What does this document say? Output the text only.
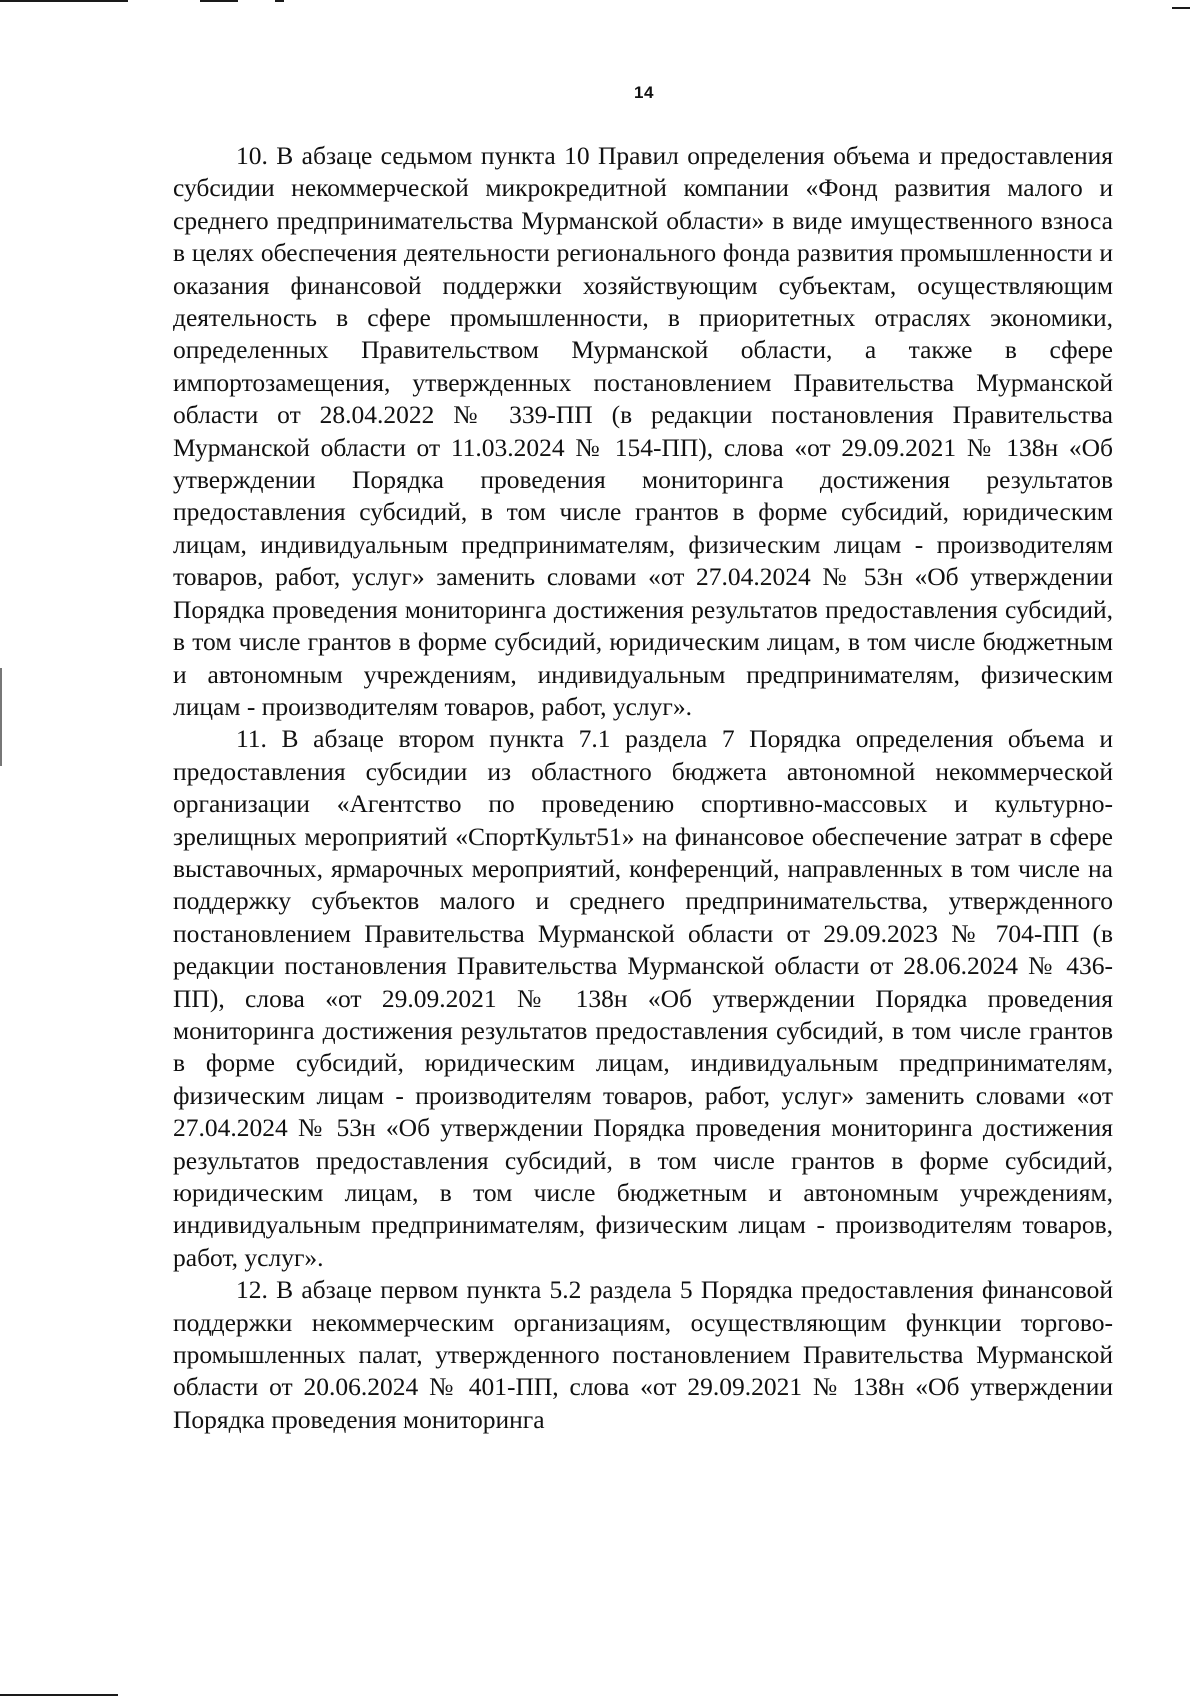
14

10. В абзаце седьмом пункта 10 Правил определения объема и предоставления субсидии некоммерческой микрокредитной компании «Фонд развития малого и среднего предпринимательства Мурманской области» в виде имущественного взноса в целях обеспечения деятельности регионального фонда развития промышленности и оказания финансовой поддержки хозяйствующим субъектам, осуществляющим деятельность в сфере промышленности, в приоритетных отраслях экономики, определенных Правительством Мурманской области, а также в сфере импортозамещения, утвержденных постановлением Правительства Мурманской области от 28.04.2022 № 339-ПП (в редакции постановления Правительства Мурманской области от 11.03.2024 № 154-ПП), слова «от 29.09.2021 № 138н «Об утверждении Порядка проведения мониторинга достижения результатов предоставления субсидий, в том числе грантов в форме субсидий, юридическим лицам, индивидуальным предпринимателям, физическим лицам - производителям товаров, работ, услуг» заменить словами «от 27.04.2024 № 53н «Об утверждении Порядка проведения мониторинга достижения результатов предоставления субсидий, в том числе грантов в форме субсидий, юридическим лицам, в том числе бюджетным и автономным учреждениям, индивидуальным предпринимателям, физическим лицам - производителям товаров, работ, услуг».

11. В абзаце втором пункта 7.1 раздела 7 Порядка определения объема и предоставления субсидии из областного бюджета автономной некоммерческой организации «Агентство по проведению спортивно-массовых и культурно-зрелищных мероприятий «СпортКульт51» на финансовое обеспечение затрат в сфере выставочных, ярмарочных мероприятий, конференций, направленных в том числе на поддержку субъектов малого и среднего предпринимательства, утвержденного постановлением Правительства Мурманской области от 29.09.2023 № 704-ПП (в редакции постановления Правительства Мурманской области от 28.06.2024 № 436-ПП), слова «от 29.09.2021 № 138н «Об утверждении Порядка проведения мониторинга достижения результатов предоставления субсидий, в том числе грантов в форме субсидий, юридическим лицам, индивидуальным предпринимателям, физическим лицам - производителям товаров, работ, услуг» заменить словами «от 27.04.2024 № 53н «Об утверждении Порядка проведения мониторинга достижения результатов предоставления субсидий, в том числе грантов в форме субсидий, юридическим лицам, в том числе бюджетным и автономным учреждениям, индивидуальным предпринимателям, физическим лицам - производителям товаров, работ, услуг».

12. В абзаце первом пункта 5.2 раздела 5 Порядка предоставления финансовой поддержки некоммерческим организациям, осуществляющим функции торгово-промышленных палат, утвержденного постановлением Правительства Мурманской области от 20.06.2024 № 401-ПП, слова «от 29.09.2021 № 138н «Об утверждении Порядка проведения мониторинга
